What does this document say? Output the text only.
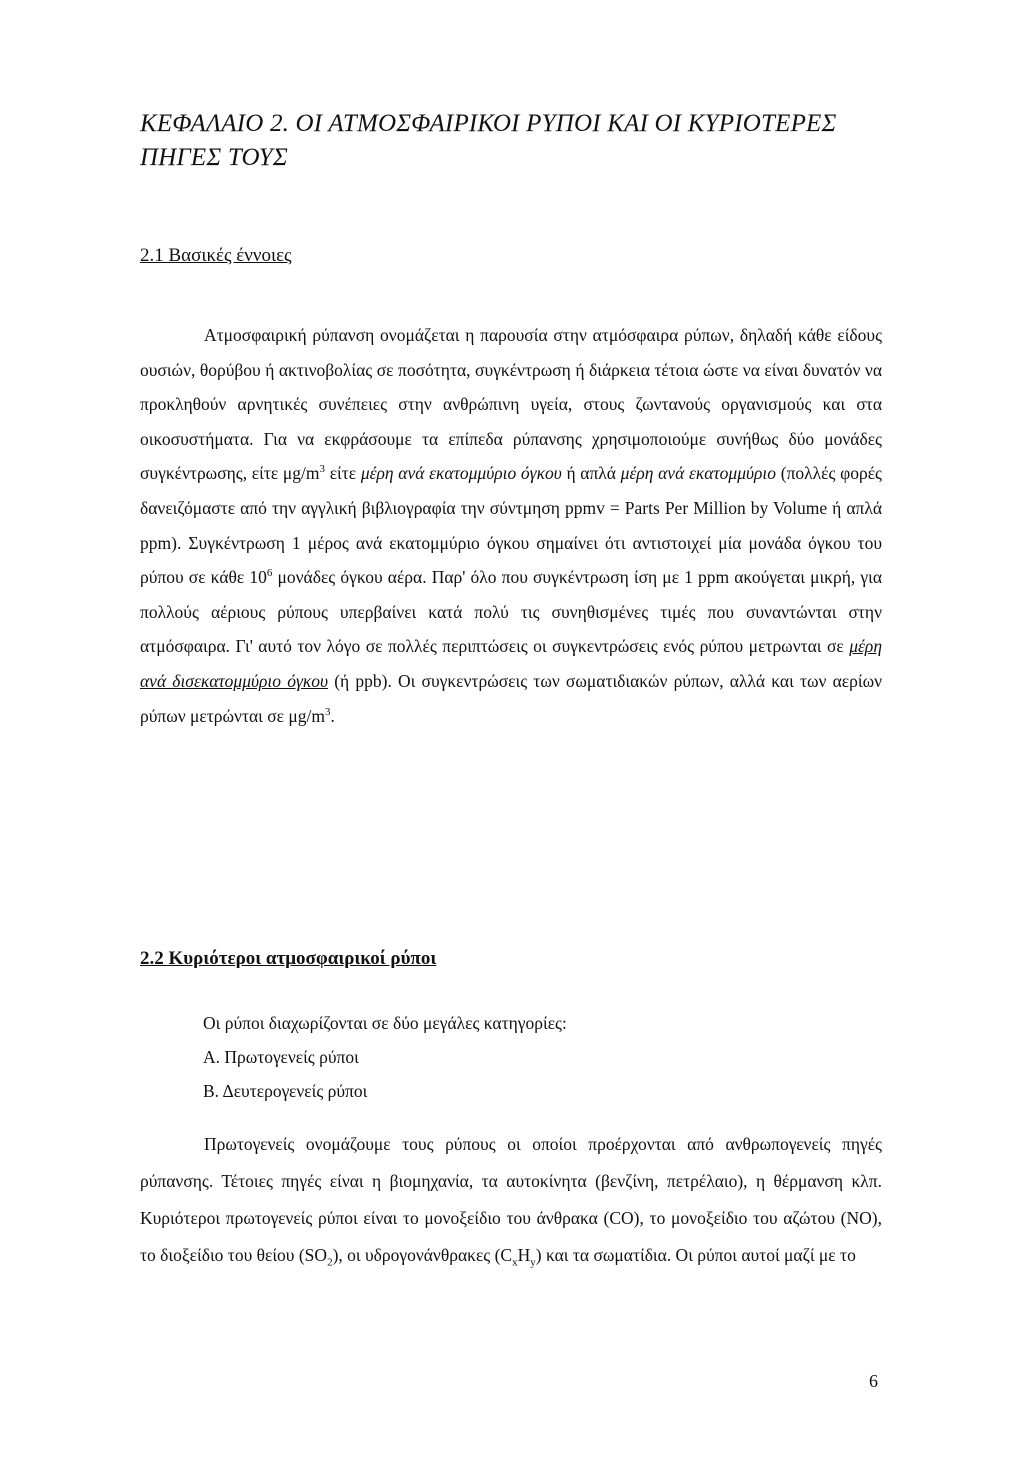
ΚΕΦΑΛΑΙΟ 2. ΟΙ ΑΤΜΟΣΦΑΙΡΙΚΟΙ ΡΥΠΟΙ ΚΑΙ ΟΙ ΚΥΡΙΟΤΕΡΕΣ
ΠΗΓΕΣ ΤΟΥΣ
2.1 Βασικές έννοιες

Ατμοσφαιρική ρύπανση ονομάζεται η παρουσία στην ατμόσφαιρα ρύπων, δηλαδή κάθε είδους ουσιών, θορύβου ή ακτινοβολίας σε ποσότητα, συγκέντρωση ή διάρκεια τέτοια ώστε να είναι δυνατόν να προκληθούν αρνητικές συνέπειες στην ανθρώπινη υγεία, στους ζωντανούς οργανισμούς και στα οικοσυστήματα. Για να εκφράσουμε τα επίπεδα ρύπανσης χρησιμοποιούμε συνήθως δύο μονάδες συγκέντρωσης, είτε $\mu g/m^3$ είτε μέρη ανά εκατομμύριο όγκου ή απλά μέρη ανά εκατομμύριο (πολλές φορές δανειζόμαστε από την αγγλική βιβλιογραφία την σύντμηση ppmv = Parts Per Million by Volume ή απλά ppm). Συγκέντρωση 1 μέρος ανά εκατομμύριο όγκου σημαίνει ότι αντιστοιχεί μία μονάδα όγκου του ρύπου σε κάθε $10^6$ μονάδες όγκου αέρα. Παρ' όλο που συγκέντρωση ίση με 1 ppm ακούγεται μικρή, για πολλούς αέριους ρύπους υπερβαίνει κατά πολύ τις συνηθισμένες τιμές που συναντώνται στην ατμόσφαιρα. Γι' αυτό τον λόγο σε πολλές περιπτώσεις οι συγκεντρώσεις ενός ρύπου μετρωνται σε μέρη ανά δισεκατομμύριο όγκου (ή ppb). Οι συγκεντρώσεις των σωματιδιακών ρύπων, αλλά και των αερίων ρύπων μετρώνται σε $\mu g/m^3$.

2.2 Κυριότεροι ατμοσφαιρικοί ρύποι
Οι ρύποι διαχωρίζονται σε δύο μεγάλες κατηγορίες:
Α. Πρωτογενείς ρύποι
Β. Δευτερογενείς ρύποι

Πρωτογενείς ονομάζουμε τους ρύπους οι οποίοι προέρχονται από ανθρωπογενείς πηγές ρύπανσης. Τέτοιες πηγές είναι η βιομηχανία, τα αυτοκίνητα (βενζίνη, πετρέλαιο), η θέρμανση κλπ. Κυριότεροι πρωτογενείς ρύποι είναι το μονοξείδιο του άνθρακα (CO), το μονοξείδιο του αζώτου (NO), το διοξείδιο του θείου $(SO_2)$, οι υδρογονάνθρακες $(C_xH_y)$ και τα σωματίδια. Οι ρύποι αυτοί μαζί με το

6
